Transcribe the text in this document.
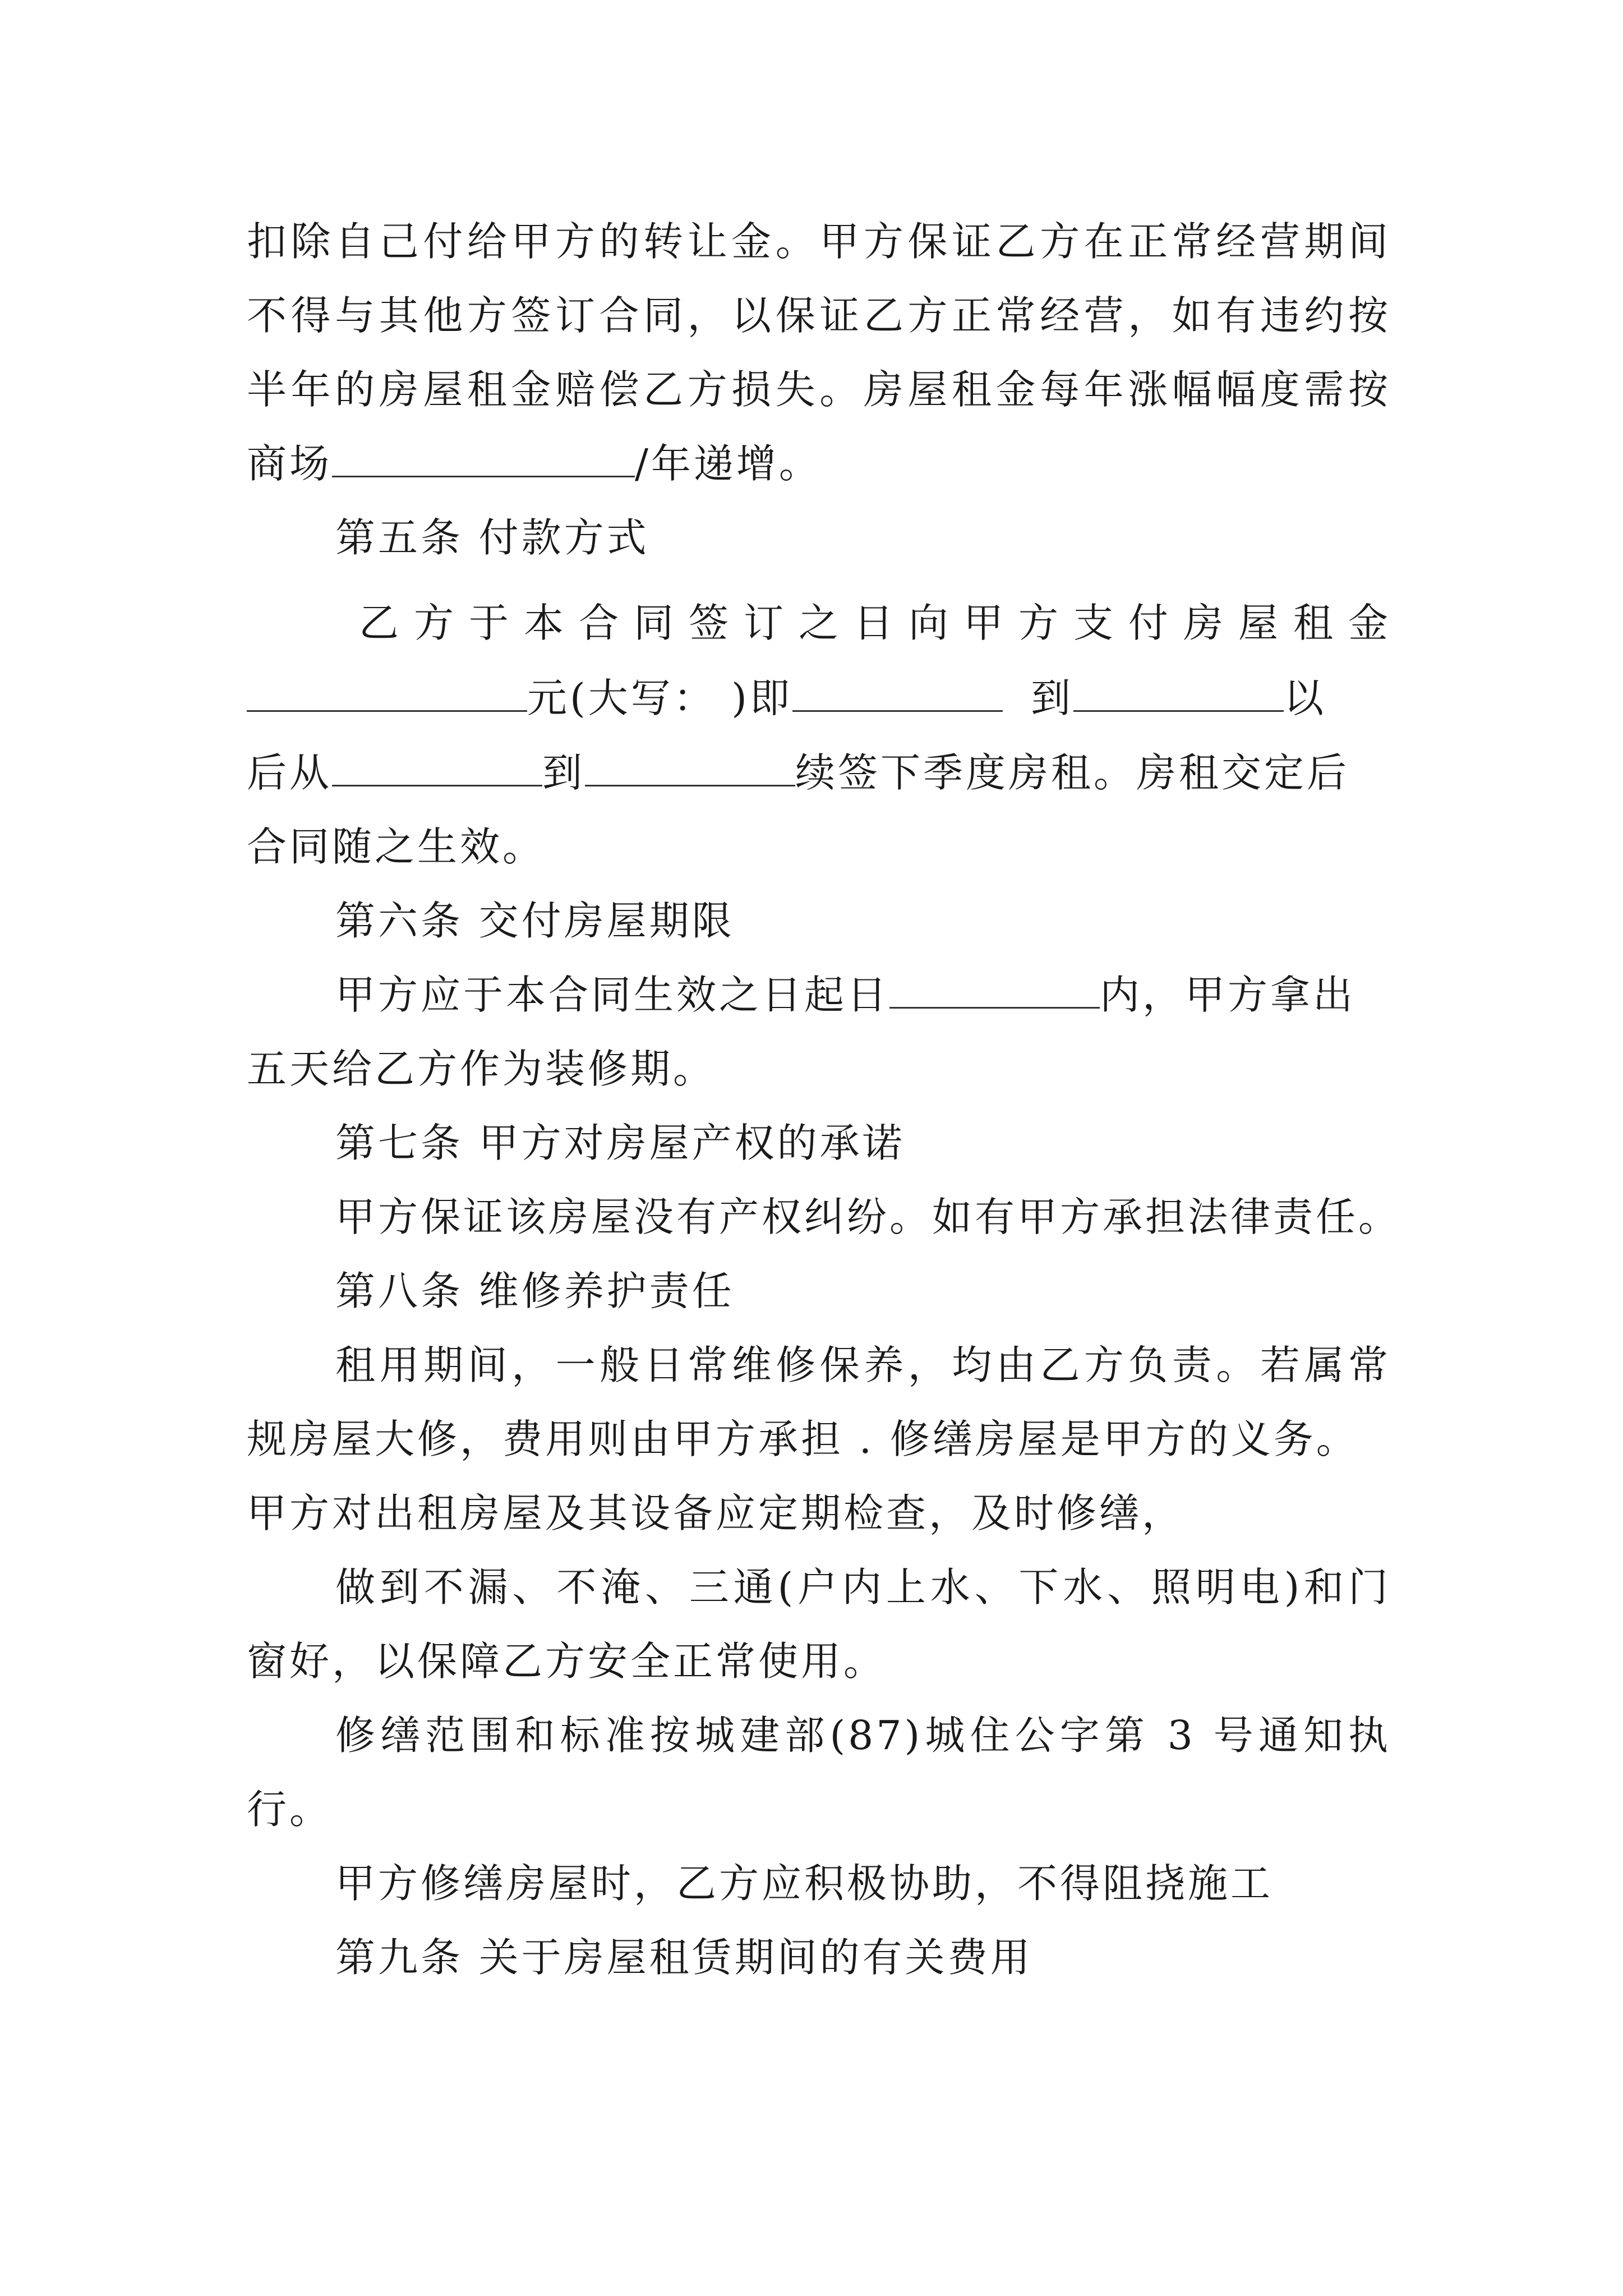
扣除自己付给甲方的转让金。甲方保证乙方在正常经营期间
不得与其他方签订合同，以保证乙方正常经营，如有违约按
半年的房屋租金赔偿乙方损失。房屋租金每年涨幅幅度需按
商场	/年递增。
第五条 付款方式
乙方于本合同签订之日向甲方支付房屋租金
元(大写： )即	到	以
后从	到	续签下季度房租。房租交定后
合同随之生效。
第六条 交付房屋期限
甲方应于本合同生效之日起日	内，甲方拿出
五天给乙方作为装修期。
第七条 甲方对房屋产权的承诺
甲方保证该房屋没有产权纠纷。如有甲方承担法律责任。
第八条 维修养护责任
租用期间，一般日常维修保养，均由乙方负责。若属常
规房屋大修，费用则由甲方承担 . 修缮房屋是甲方的义务。
甲方对出租房屋及其设备应定期检查，及时修缮，
做到不漏、不淹、三通(户内上水、下水、照明电)和门
窗好，以保障乙方安全正常使用。
修缮范围和标准按城建部(87)城住公字第 3 号通知执
行。
甲方修缮房屋时，乙方应积极协助，不得阻挠施工
第九条 关于房屋租赁期间的有关费用
